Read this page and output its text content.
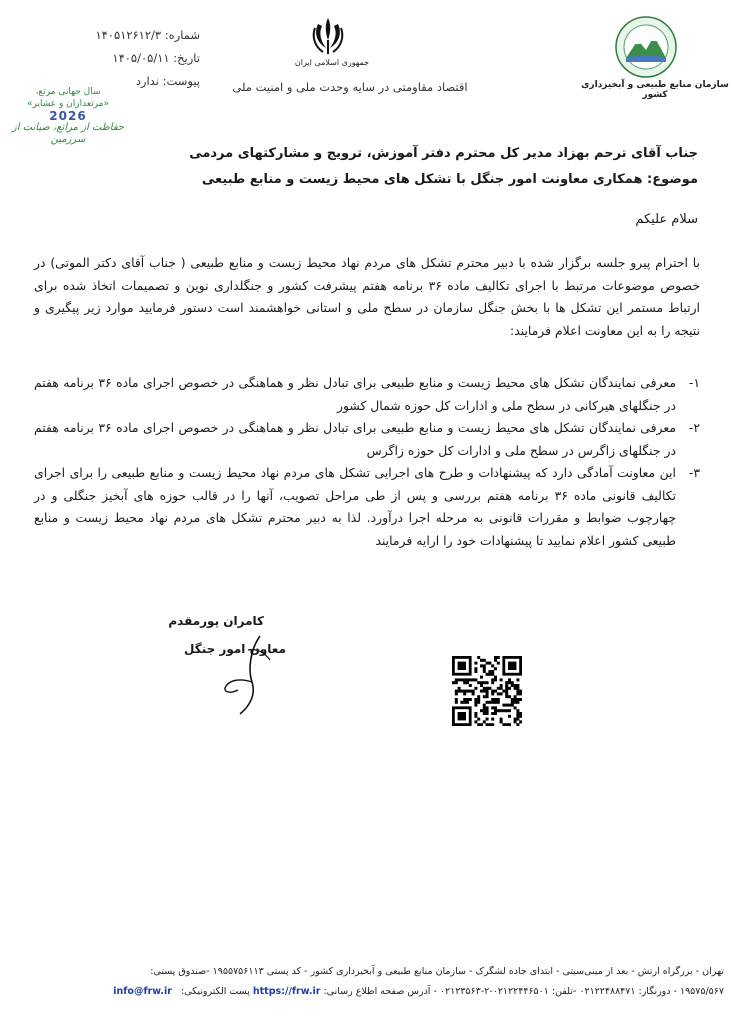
شماره: ۱۴۰۵۱۲۶۱۲/۳
تاریخ: ۱۴۰۵/۰۵/۱۱
پیوست: ندارد
سال جهانی مرتع،
«مرتعداران و عشایر»
2026
حفاظت از مراتع، صیانت از سرزمین
جمهوری اسلامی ایران
اقتصاد مقاومتی در سایه وحدت ملی و امنیت ملی	سازمان منابع طبیعی و آبخیزداری کشور
جناب آقای ترحم بهزاد مدیر کل محترم دفتر آموزش، ترویج و مشارکتهای مردمی
موضوع: همکاری معاونت امور جنگل با تشکل های محیط زیست و منابع طبیعی
سلام علیکم
با احترام پیرو جلسه برگزار شده با دبیر محترم تشکل های مردم نهاد محیط زیست و منابع طبیعی ( جناب آقای دکتر الموتی) در خصوص موضوعات مرتبط با اجرای تکالیف ماده ۳۶ برنامه هفتم پیشرفت کشور و جنگلداری نوین و تصمیمات اتخاذ شده برای ارتباط مستمر این تشکل ها با بخش جنگل سازمان در سطح ملی و استانی خواهشمند است دستور فرمایید موارد زیر پیگیری و نتیجه را به این معاونت اعلام فرمایند:
۱-
معرفی نمایندگان تشکل های محیط زیست و منابع طبیعی برای تبادل نظر و هماهنگی در خصوص اجرای ماده ۳۶ برنامه هفتم در جنگلهای هیرکانی در سطح ملی و ادارات کل حوزه شمال کشور
۲-
معرفی نمایندگان تشکل های محیط زیست و منابع طبیعی برای تبادل نظر و هماهنگی در خصوص اجرای ماده ۳۶ برنامه هفتم در جنگلهای زاگرس در سطح ملی و ادارات کل حوزه زاگرس
۳-
این معاونت آمادگی دارد که پیشنهادات و طرح های اجرایی تشکل های مردم نهاد محیط زیست و منابع طبیعی را برای اجرای تکالیف قانونی ماده ۳۶ برنامه هفتم بررسی و پس از طی مراحل تصویب، آنها را در قالب حوزه های آبخیز جنگلی و در چهارچوب ضوابط و مقررات قانونی به مرحله اجرا درآورد. لذا به دبیر محترم تشکل های مردم نهاد محیط زیست و منابع طبیعی کشور اعلام نمایید تا پیشنهادات خود را ارایه فرمایند
کامران پورمقدم
معاون امور جنگل
تهران - بزرگراه ارتش - بعد از مینی‌سیتی - ابتدای جاده لشگرک - سازمان منابع طبیعی و آبخیزداری کشور - کد پستی ۱۹۵۵۷۵۶۱۱۳ -صندوق پستی:
۱۹۵۷۵/۵۶۷ - دورنگار: ۰۲۱۲۲۴۸۸۴۷۱ -تلفن: ۰۲۱۲۲۴۴۶۵۰۱-۲-۰۲۱۲۳۵۶۳ - آدرس صفحه اطلاع رسانی: https://frw.ir پست الکترونیکی: info@frw.ir
